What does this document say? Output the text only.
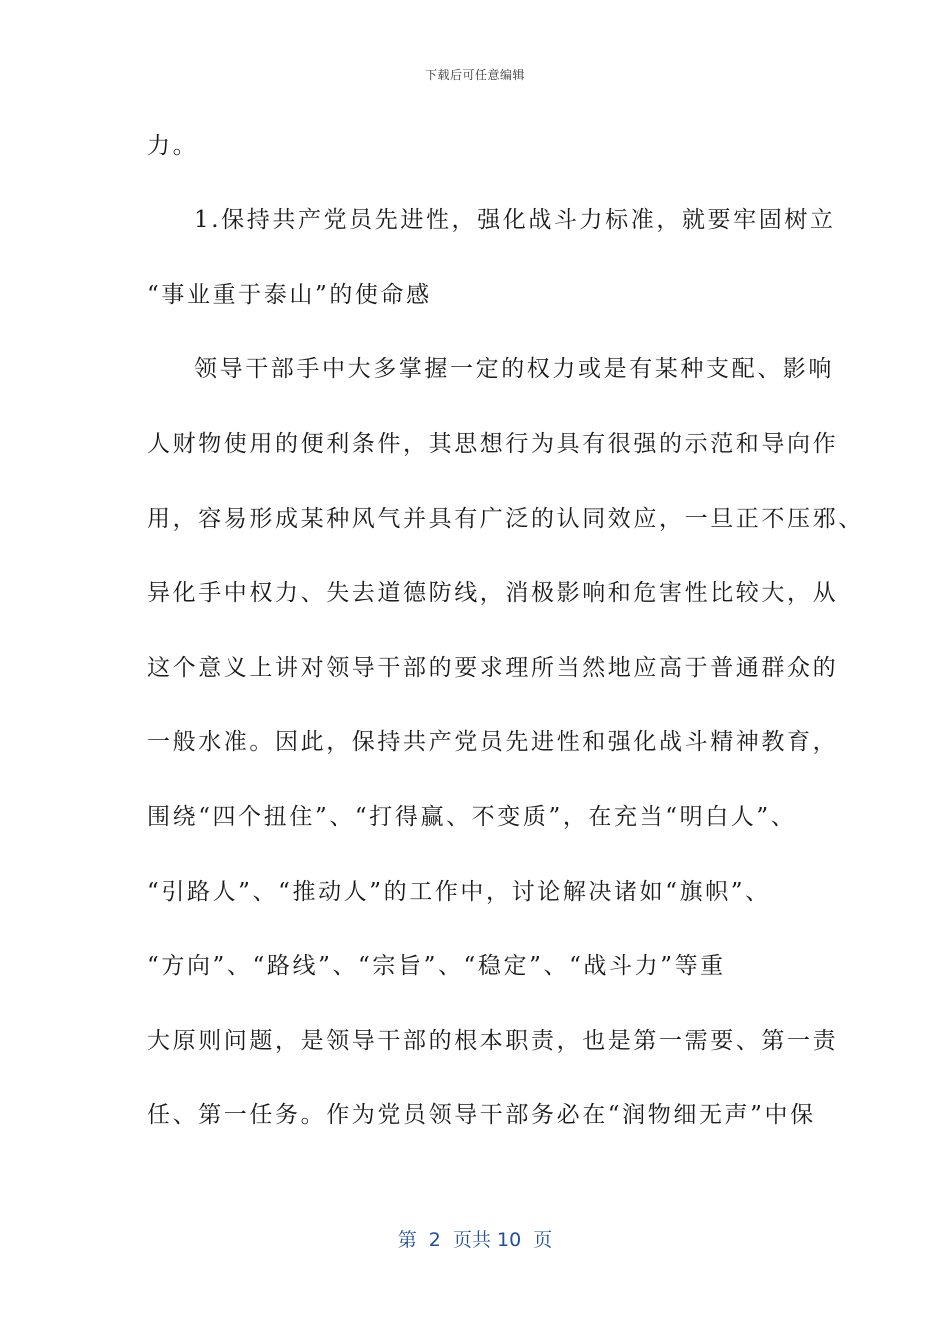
下载后可任意编辑
力。
1.保持共产党员先进性，强化战斗力标准，就要牢固树立
“事业重于泰山”的使命感
领导干部手中大多掌握一定的权力或是有某种支配、影响
人财物使用的便利条件，其思想行为具有很强的示范和导向作
用，容易形成某种风气并具有广泛的认同效应，一旦正不压邪、
异化手中权力、失去道德防线，消极影响和危害性比较大，从
这个意义上讲对领导干部的要求理所当然地应高于普通群众的
一般水准。因此，保持共产党员先进性和强化战斗精神教育，
围绕“四个扭住”、“打得赢、不变质”，在充当“明白人”、
“引路人”、“推动人”的工作中，讨论解决诸如“旗帜”、
“方向”、“路线”、“宗旨”、“稳定”、“战斗力”等重
大原则问题，是领导干部的根本职责，也是第一需要、第一责
任、第一任务。作为党员领导干部务必在“润物细无声”中保
第  2  页共 10  页
